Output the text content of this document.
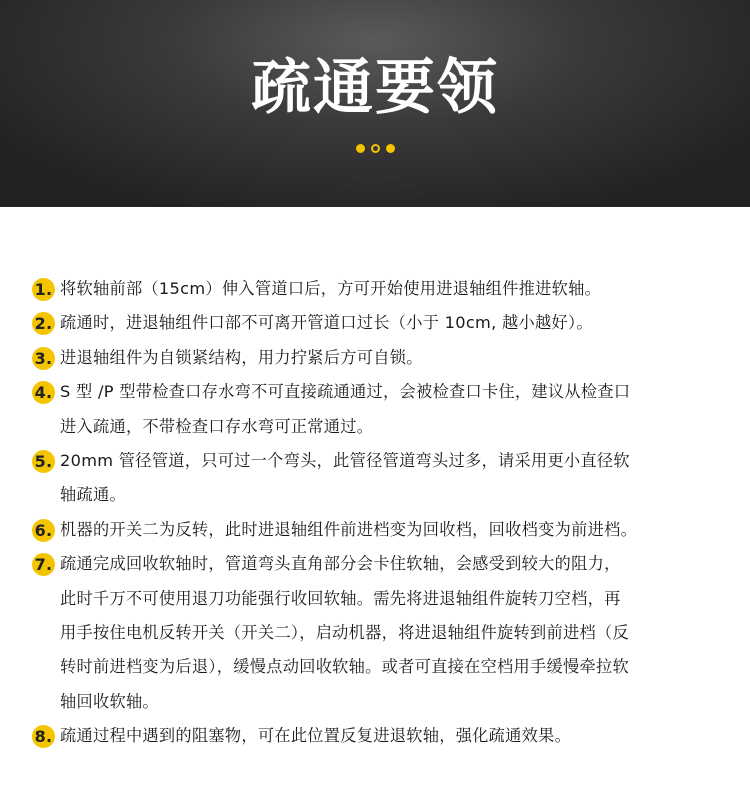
疏通要领
1. 将软轴前部（15cm）伸入管道口后，方可开始使用进退轴组件推进软轴。
2. 疏通时，进退轴组件口部不可离开管道口过长（小于 10cm, 越小越好）。
3. 进退轴组件为自锁紧结构，用力拧紧后方可自锁。
4. S 型 /P 型带检查口存水弯不可直接疏通通过，会被检查口卡住，建议从检查口
进入疏通，不带检查口存水弯可正常通过。
5. 20mm 管径管道，只可过一个弯头，此管径管道弯头过多，请采用更小直径软
轴疏通。
6. 机器的开关二为反转，此时进退轴组件前进档变为回收档，回收档变为前进档。
7. 疏通完成回收软轴时，管道弯头直角部分会卡住软轴，会感受到较大的阻力，
此时千万不可使用退刀功能强行收回软轴。需先将进退轴组件旋转刀空档，再
用手按住电机反转开关（开关二），启动机器，将进退轴组件旋转到前进档（反
转时前进档变为后退），缓慢点动回收软轴。或者可直接在空档用手缓慢牵拉软
轴回收软轴。
8. 疏通过程中遇到的阻塞物，可在此位置反复进退软轴，强化疏通效果。
